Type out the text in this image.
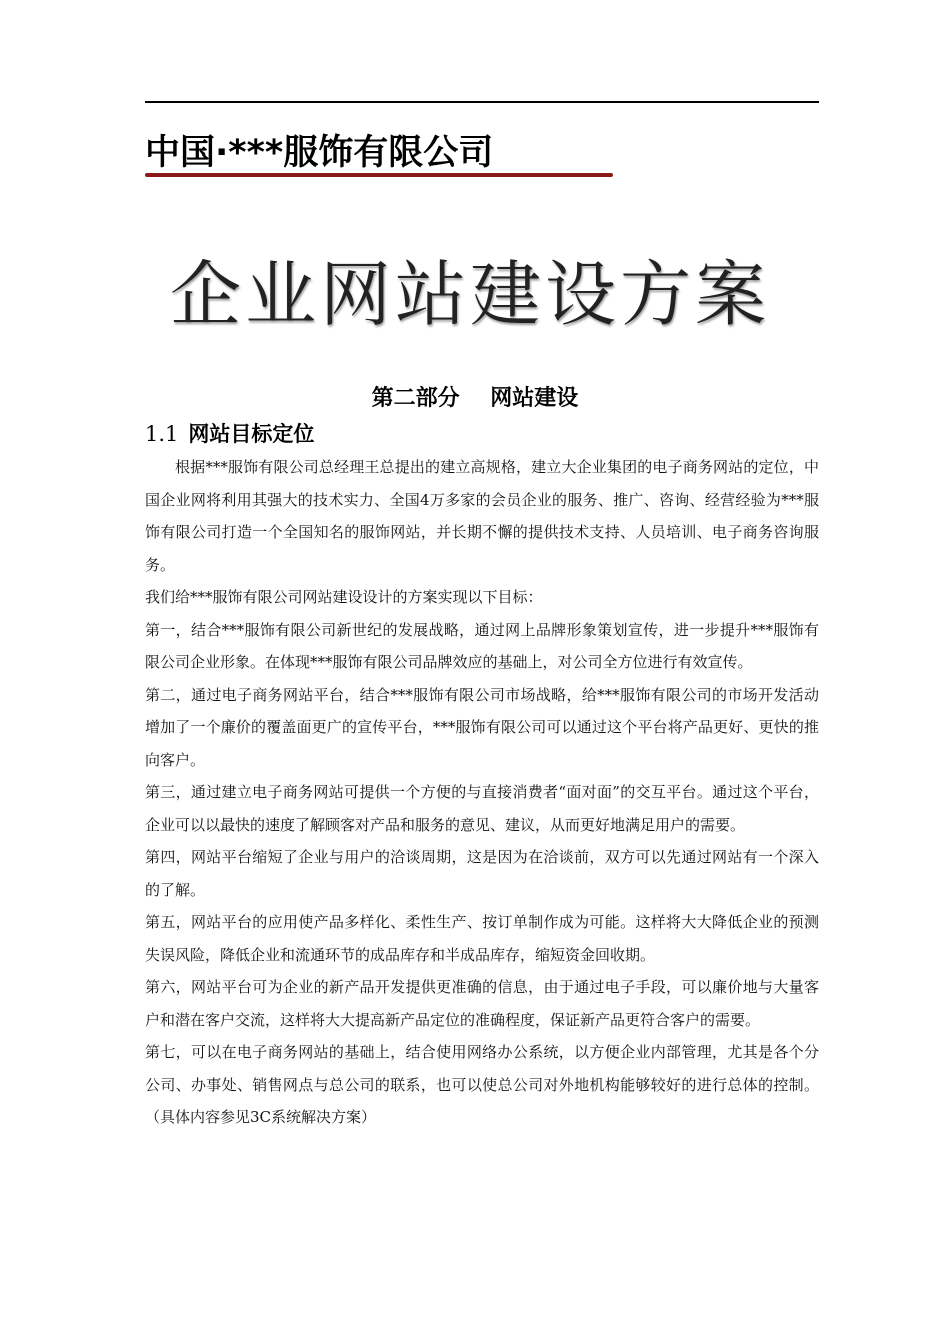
中国·***服饰有限公司
企业网站建设方案
第二部分    网站建设
1.1 网站目标定位

根据***服饰有限公司总经理王总提出的建立高规格，建立大企业集团的电子商务网站的定位，中国企业网将利用其强大的技术实力、全国4万多家的会员企业的服务、推广、咨询、经营经验为***服饰有限公司打造一个全国知名的服饰网站，并长期不懈的提供技术支持、人员培训、电子商务咨询服务。

我们给***服饰有限公司网站建设设计的方案实现以下目标：

第一，结合***服饰有限公司新世纪的发展战略，通过网上品牌形象策划宣传，进一步提升***服饰有限公司企业形象。在体现***服饰有限公司品牌效应的基础上，对公司全方位进行有效宣传。

第二，通过电子商务网站平台，结合***服饰有限公司市场战略，给***服饰有限公司的市场开发活动增加了一个廉价的覆盖面更广的宣传平台，***服饰有限公司可以通过这个平台将产品更好、更快的推向客户。

第三，通过建立电子商务网站可提供一个方便的与直接消费者“面对面”的交互平台。通过这个平台，企业可以以最快的速度了解顾客对产品和服务的意见、建议，从而更好地满足用户的需要。

第四，网站平台缩短了企业与用户的洽谈周期，这是因为在洽谈前，双方可以先通过网站有一个深入的了解。

第五，网站平台的应用使产品多样化、柔性生产、按订单制作成为可能。这样将大大降低企业的预测失误风险，降低企业和流通环节的成品库存和半成品库存，缩短资金回收期。

第六，网站平台可为企业的新产品开发提供更准确的信息，由于通过电子手段，可以廉价地与大量客户和潜在客户交流，这样将大大提高新产品定位的准确程度，保证新产品更符合客户的需要。

第七，可以在电子商务网站的基础上，结合使用网络办公系统，以方便企业内部管理，尤其是各个分公司、办事处、销售网点与总公司的联系，也可以使总公司对外地机构能够较好的进行总体的控制。（具体内容参见3C系统解决方案）
